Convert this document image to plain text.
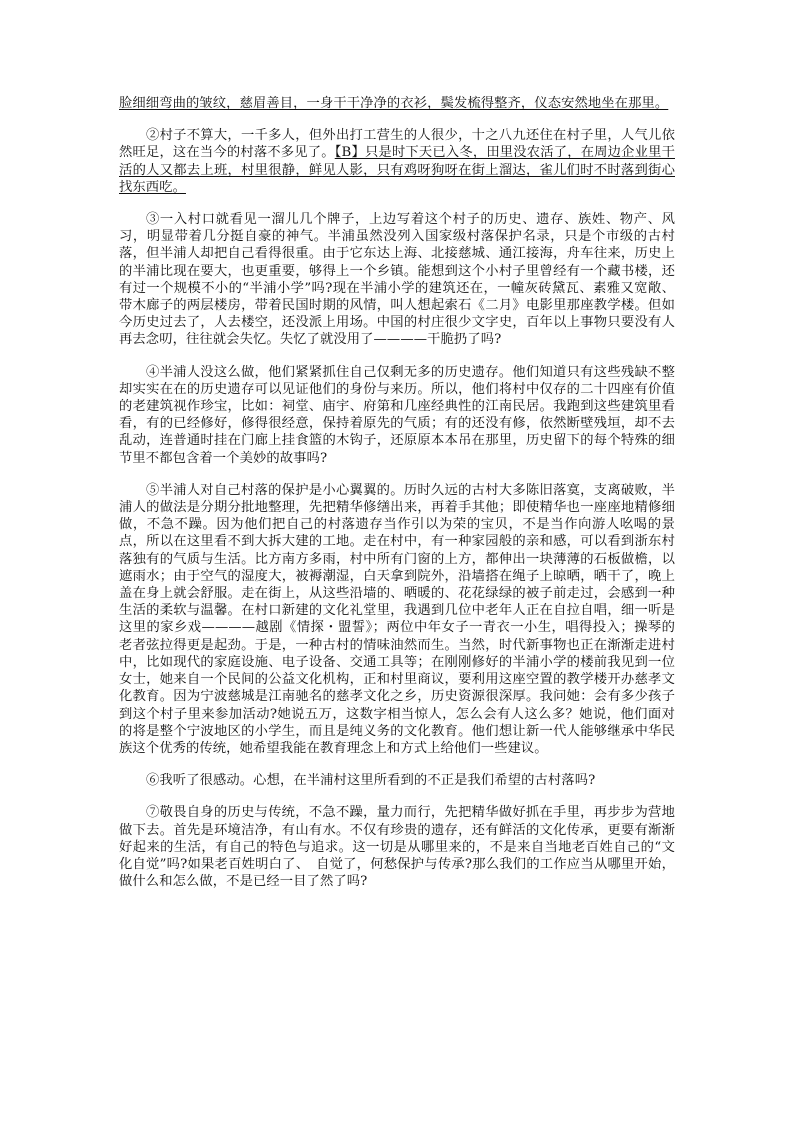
脸细细弯曲的皱纹，慈眉善目，一身干干净净的衣衫，鬓发梳得整齐，仪态安然地坐在那里。

②村子不算大，一千多人，但外出打工营生的人很少，十之八九还住在村子里，人气儿依然旺足，这在当今的村落不多见了。【B】只是时下天已入冬，田里没农活了，在周边企业里干活的人又都去上班，村里很静，鲜见人影，只有鸡呀狗呀在街上溜达，雀儿们时不时落到街心找东西吃。

③一入村口就看见一溜儿几个牌子，上边写着这个村子的历史、遗存、族姓、物产、风习，明显带着几分挺自豪的神气。半浦虽然没列入国家级村落保护名录，只是个市级的古村落，但半浦人却把自己看得很重。由于它东达上海、北接慈城、通江接海，舟车往来，历史上的半浦比现在要大，也更重要，够得上一个乡镇。能想到这个小村子里曾经有一个藏书楼，还有过一个规模不小的“半浦小学”吗?现在半浦小学的建筑还在，一幢灰砖黛瓦、素雅又宽敞、带木廊子的两层楼房，带着民国时期的风情，叫人想起索石《二月》电影里那座教学楼。但如今历史过去了，人去楼空，还没派上用场。中国的村庄很少文字史，百年以上事物只要没有人再去念叨，往往就会失忆。失忆了就没用了————干脆扔了吗?

④半浦人没这么做，他们紧紧抓住自己仅剩无多的历史遗存。他们知道只有这些残缺不整却实实在在的历史遗存可以见证他们的身份与来历。所以，他们将村中仅存的二十四座有价值的老建筑视作珍宝，比如：祠堂、庙宇、府第和几座经典性的江南民居。我跑到这些建筑里看看，有的已经修好，修得很经意，保持着原先的气质；有的还没有修，依然断壁残垣，却不去乱动，连普通时挂在门廊上挂食篮的木钩子，还原原本本吊在那里，历史留下的每个特殊的细节里不都包含着一个美妙的故事吗?

⑤半浦人对自己村落的保护是小心翼翼的。历时久远的古村大多陈旧落寞，支离破败，半浦人的做法是分期分批地整理，先把精华修缮出来，再着手其他；即使精华也一座座地精修细做，不急不躁。因为他们把自己的村落遗存当作引以为荣的宝贝，不是当作向游人吆喝的景点，所以在这里看不到大拆大建的工地。走在村中，有一种家园般的亲和感，可以看到浙东村落独有的气质与生活。比方南方多雨，村中所有门窗的上方，都伸出一块薄薄的石板做檐，以遮雨水；由于空气的湿度大，被褥潮湿，白天拿到院外，沿墙搭在绳子上晾晒，晒干了，晚上盖在身上就会舒服。走在街上，从这些沿墙的、晒暖的、花花绿绿的被子前走过，会感到一种生活的柔软与温馨。在村口新建的文化礼堂里，我遇到几位中老年人正在自拉自唱，细一听是这里的家乡戏————越剧《情探・盟誓》；两位中年女子一青衣一小生，唱得投入；操琴的老者弦拉得更是起劲。于是，一种古村的情味油然而生。当然，时代新事物也正在渐渐走进村中，比如现代的家庭设施、电子设备、交通工具等；在刚刚修好的半浦小学的楼前我见到一位女士，她来自一个民间的公益文化机构，正和村里商议，要利用这座空置的教学楼开办慈孝文化教育。因为宁波慈城是江南驰名的慈孝文化之乡，历史资源很深厚。我问她：会有多少孩子到这个村子里来参加活动?她说五万，这数字相当惊人，怎么会有人这么多？她说，他们面对的将是整个宁波地区的小学生，而且是纯义务的文化教育。他们想让新一代人能够继承中华民族这个优秀的传统，她希望我能在教育理念上和方式上给他们一些建议。

⑥我听了很感动。心想，在半浦村这里所看到的不正是我们希望的古村落吗?

⑦敬畏自身的历史与传统，不急不躁，量力而行，先把精华做好抓在手里，再步步为营地做下去。首先是环境洁净，有山有水。不仅有珍贵的遗存，还有鲜活的文化传承，更要有渐渐好起来的生活，有自己的特色与追求。这一切是从哪里来的，不是来自当地老百姓自己的“文化自觉”吗?如果老百姓明白了、　自觉了，何愁保护与传承?那么我们的工作应当从哪里开始，做什么和怎么做，不是已经一目了然了吗?
